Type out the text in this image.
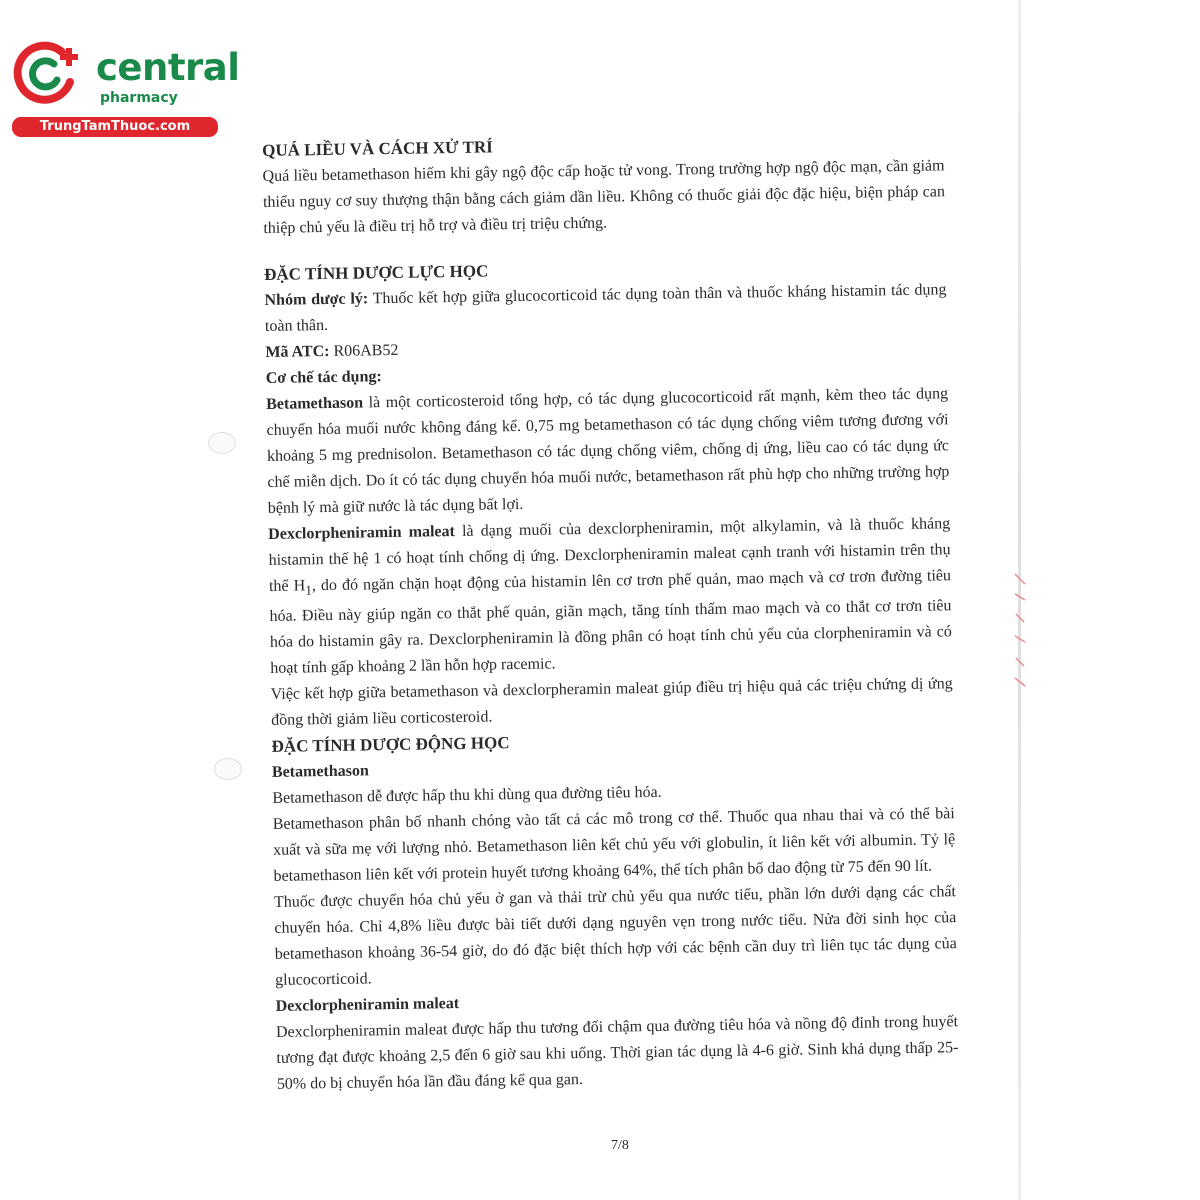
central
pharmacy
TrungTamThuoc.com
QUÁ LIỀU VÀ CÁCH XỬ TRÍ

Quá liều betamethason hiếm khi gây ngộ độc cấp hoặc tử vong. Trong trường hợp ngộ độc mạn, cần giảm thiểu nguy cơ suy thượng thận bằng cách giảm dần liều. Không có thuốc giải độc đặc hiệu, biện pháp can thiệp chủ yếu là điều trị hỗ trợ và điều trị triệu chứng.

ĐẶC TÍNH DƯỢC LỰC HỌC

Nhóm dược lý: Thuốc kết hợp giữa glucocorticoid tác dụng toàn thân và thuốc kháng histamin tác dụng toàn thân.

Mã ATC: R06AB52

Cơ chế tác dụng:

Betamethason là một corticosteroid tổng hợp, có tác dụng glucocorticoid rất mạnh, kèm theo tác dụng chuyển hóa muối nước không đáng kể. 0,75 mg betamethason có tác dụng chống viêm tương đương với khoảng 5 mg prednisolon. Betamethason có tác dụng chống viêm, chống dị ứng, liều cao có tác dụng ức chế miễn dịch. Do ít có tác dụng chuyển hóa muối nước, betamethason rất phù hợp cho những trường hợp bệnh lý mà giữ nước là tác dụng bất lợi.

Dexclorpheniramin maleat là dạng muối của dexclorpheniramin, một alkylamin, và là thuốc kháng histamin thế hệ 1 có hoạt tính chống dị ứng. Dexclorpheniramin maleat cạnh tranh với histamin trên thụ thể $H_1$, do đó ngăn chặn hoạt động của histamin lên cơ trơn phế quản, mao mạch và cơ trơn đường tiêu hóa. Điều này giúp ngăn co thắt phế quản, giãn mạch, tăng tính thấm mao mạch và co thắt cơ trơn tiêu hóa do histamin gây ra. Dexclorpheniramin là đồng phân có hoạt tính chủ yếu của clorpheniramin và có hoạt tính gấp khoảng 2 lần hỗn hợp racemic.

Việc kết hợp giữa betamethason và dexclorpheramin maleat giúp điều trị hiệu quả các triệu chứng dị ứng đồng thời giảm liều corticosteroid.

ĐẶC TÍNH DƯỢC ĐỘNG HỌC

Betamethason

Betamethason dễ được hấp thu khi dùng qua đường tiêu hóa.

Betamethason phân bố nhanh chóng vào tất cả các mô trong cơ thể. Thuốc qua nhau thai và có thể bài xuất và sữa mẹ với lượng nhỏ. Betamethason liên kết chủ yếu với globulin, ít liên kết với albumin. Tỷ lệ betamethason liên kết với protein huyết tương khoảng 64%, thể tích phân bố dao động từ 75 đến 90 lít.

Thuốc được chuyển hóa chủ yếu ở gan và thải trừ chủ yếu qua nước tiểu, phần lớn dưới dạng các chất chuyển hóa. Chỉ 4,8% liều được bài tiết dưới dạng nguyên vẹn trong nước tiểu. Nửa đời sinh học của betamethason khoảng 36-54 giờ, do đó đặc biệt thích hợp với các bệnh cần duy trì liên tục tác dụng của glucocorticoid.

Dexclorpheniramin maleat

Dexclorpheniramin maleat được hấp thu tương đối chậm qua đường tiêu hóa và nồng độ đỉnh trong huyết tương đạt được khoảng 2,5 đến 6 giờ sau khi uống. Thời gian tác dụng là 4-6 giờ. Sinh khả dụng thấp 25-50% do bị chuyển hóa lần đầu đáng kể qua gan.

7/8
